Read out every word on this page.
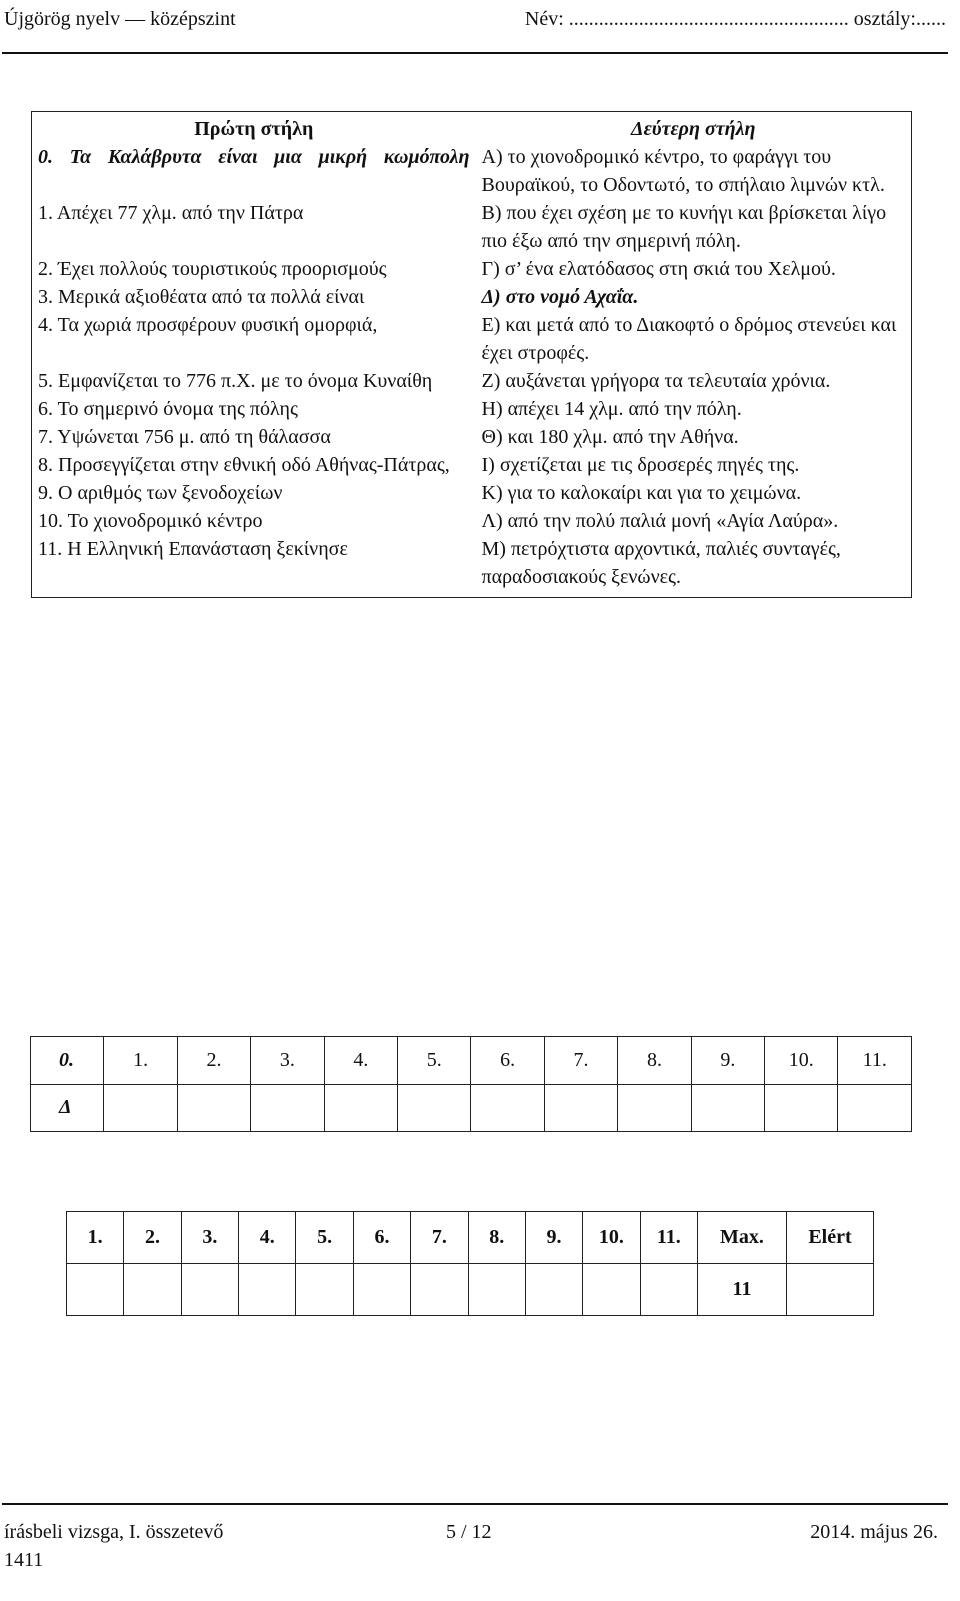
Újgörög nyelv — középszint	Név: ........................................................ osztály:......
Πρώτη στήλη	Δεύτερη στήλη
0. Τα Καλάβρυτα είναι μια μικρή κωμόπολη	Α) το χιονοδρομικό κέντρο, το φαράγγι του Βουραϊκού, το Οδοντωτό, το σπήλαιο λιμνών κτλ.
1. Απέχει 77 χλμ. από την Πάτρα	Β) που έχει σχέση με το κυνήγι και βρίσκεται λίγο πιο έξω από την σημερινή πόλη.
2. Έχει πολλούς τουριστικούς προορισμούς	Γ) σ’ ένα ελατόδασος στη σκιά του Χελμού.
3. Μερικά αξιοθέατα από τα πολλά είναι	Δ) στο νομό Αχαΐα.
4. Τα χωριά προσφέρουν φυσική ομορφιά,	Ε) και μετά από το Διακοφτό ο δρόμος στενεύει και έχει στροφές.
5. Εμφανίζεται το 776 π.Χ. με το όνομα Κυναίθη	Ζ) αυξάνεται γρήγορα τα τελευταία χρόνια.
6. Το σημερινό όνομα της πόλης	Η) απέχει 14 χλμ. από την πόλη.
7. Υψώνεται 756 μ. από τη θάλασσα	Θ) και 180 χλμ. από την Αθήνα.
8. Προσεγγίζεται στην εθνική οδό Αθήνας-Πάτρας,	Ι) σχετίζεται με τις δροσερές πηγές της.
9. Ο αριθμός των ξενοδοχείων	Κ) για το καλοκαίρι και για το χειμώνα.
10. Το χιονοδρομικό κέντρο	Λ) από την πολύ παλιά μονή «Αγία Λαύρα».
11. Η Ελληνική Επανάσταση ξεκίνησε	Μ) πετρόχτιστα αρχοντικά, παλιές συνταγές, παραδοσιακούς ξενώνες.
0.	1.	2.	3.	4.	5.	6.	7.	8.	9.	10.	11.
Δ											
1.	2.	3.	4.	5.	6.	7.	8.	9.	10.	11.	Max.	Elért
											11	
írásbeli vizsga, I. összetevő	5 / 12	2014. május 26.
1411
